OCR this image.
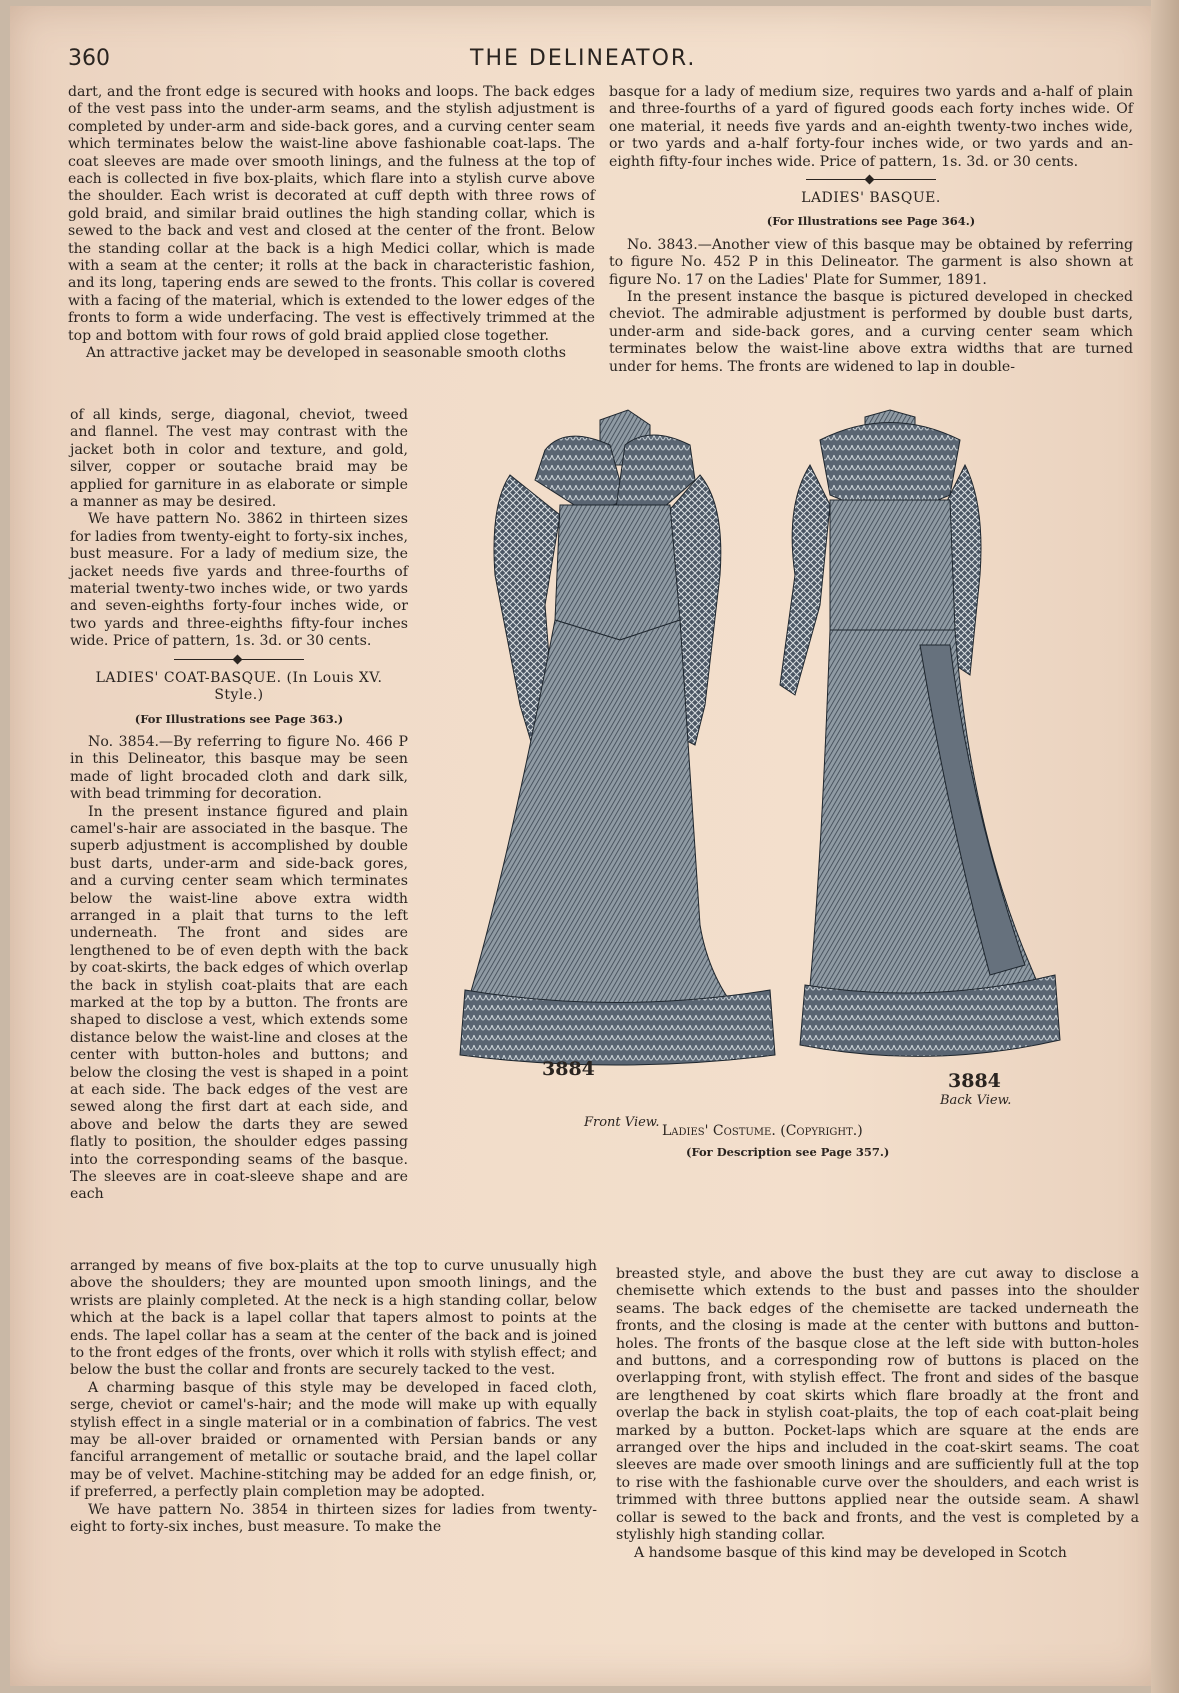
360	THE DELINEATOR.

dart, and the front edge is secured with hooks and loops. The back edges of the vest pass into the under-arm seams, and the stylish adjustment is completed by under-arm and side-back gores, and a curving center seam which terminates below the waist-line above fashionable coat-laps. The coat sleeves are made over smooth linings, and the fulness at the top of each is collected in five box-plaits, which flare into a stylish curve above the shoulder. Each wrist is decorated at cuff depth with three rows of gold braid, and similar braid outlines the high standing collar, which is sewed to the back and vest and closed at the center of the front. Below the standing collar at the back is a high Medici collar, which is made with a seam at the center; it rolls at the back in characteristic fashion, and its long, tapering ends are sewed to the fronts. This collar is covered with a facing of the material, which is extended to the lower edges of the fronts to form a wide underfacing. The vest is effectively trimmed at the top and bottom with four rows of gold braid applied close together.

An attractive jacket may be developed in seasonable smooth cloths

of all kinds, serge, diagonal, cheviot, tweed and flannel. The vest may contrast with the jacket both in color and texture, and gold, silver, copper or soutache braid may be applied for garniture in as elaborate or simple a manner as may be desired.

We have pattern No. 3862 in thirteen sizes for ladies from twenty-eight to forty-six inches, bust measure. For a lady of medium size, the jacket needs five yards and three-fourths of material twenty-two inches wide, or two yards and seven-eighths forty-four inches wide, or two yards and three-eighths fifty-four inches wide. Price of pattern, 1s. 3d. or 30 cents.

LADIES' COAT-BASQUE. (In Louis XV. Style.)

(For Illustrations see Page 363.)

No. 3854.—By referring to figure No. 466 P in this Delineator, this basque may be seen made of light brocaded cloth and dark silk, with bead trimming for decoration.

In the present instance figured and plain camel's-hair are associated in the basque. The superb adjustment is accomplished by double bust darts, under-arm and side-back gores, and a curving center seam which terminates below the waist-line above extra width arranged in a plait that turns to the left underneath. The front and sides are lengthened to be of even depth with the back by coat-skirts, the back edges of which overlap the back in stylish coat-plaits that are each marked at the top by a button. The fronts are shaped to disclose a vest, which extends some distance below the waist-line and closes at the center with button-holes and buttons; and below the closing the vest is shaped in a point at each side. The back edges of the vest are sewed along the first dart at each side, and above and below the darts they are sewed flatly to position, the shoulder edges passing into the corresponding seams of the basque. The sleeves are in coat-sleeve shape and are each

arranged by means of five box-plaits at the top to curve unusually high above the shoulders; they are mounted upon smooth linings, and the wrists are plainly completed. At the neck is a high standing collar, below which at the back is a lapel collar that tapers almost to points at the ends. The lapel collar has a seam at the center of the back and is joined to the front edges of the fronts, over which it rolls with stylish effect; and below the bust the collar and fronts are securely tacked to the vest.

A charming basque of this style may be developed in faced cloth, serge, cheviot or camel's-hair; and the mode will make up with equally stylish effect in a single material or in a combination of fabrics. The vest may be all-over braided or ornamented with Persian bands or any fanciful arrangement of metallic or soutache braid, and the lapel collar may be of velvet. Machine-stitching may be added for an edge finish, or, if preferred, a perfectly plain completion may be adopted.

We have pattern No. 3854 in thirteen sizes for ladies from twenty-eight to forty-six inches, bust measure. To make the

basque for a lady of medium size, requires two yards and a-half of plain and three-fourths of a yard of figured goods each forty inches wide. Of one material, it needs five yards and an-eighth twenty-two inches wide, or two yards and a-half forty-four inches wide, or two yards and an-eighth fifty-four inches wide. Price of pattern, 1s. 3d. or 30 cents.

LADIES' BASQUE.

(For Illustrations see Page 364.)

No. 3843.—Another view of this basque may be obtained by referring to figure No. 452 P in this Delineator. The garment is also shown at figure No. 17 on the Ladies' Plate for Summer, 1891.

In the present instance the basque is pictured developed in checked cheviot. The admirable adjustment is performed by double bust darts, under-arm and side-back gores, and a curving center seam which terminates below the waist-line above extra widths that are turned under for hems. The fronts are widened to lap in double-

breasted style, and above the bust they are cut away to disclose a chemisette which extends to the bust and passes into the shoulder seams. The back edges of the chemisette are tacked underneath the fronts, and the closing is made at the center with buttons and button-holes. The fronts of the basque close at the left side with button-holes and buttons, and a corresponding row of buttons is placed on the overlapping front, with stylish effect. The front and sides of the basque are lengthened by coat skirts which flare broadly at the front and overlap the back in stylish coat-plaits, the top of each coat-plait being marked by a button. Pocket-laps which are square at the ends are arranged over the hips and included in the coat-skirt seams. The coat sleeves are made over smooth linings and are sufficiently full at the top to rise with the fashionable curve over the shoulders, and each wrist is trimmed with three buttons applied near the outside seam. A shawl collar is sewed to the back and fronts, and the vest is completed by a stylishly high standing collar.

A handsome basque of this kind may be developed in Scotch

3884
Front View.
3884
Back View.
Ladies' Costume. (Copyright.)
(For Description see Page 357.)
